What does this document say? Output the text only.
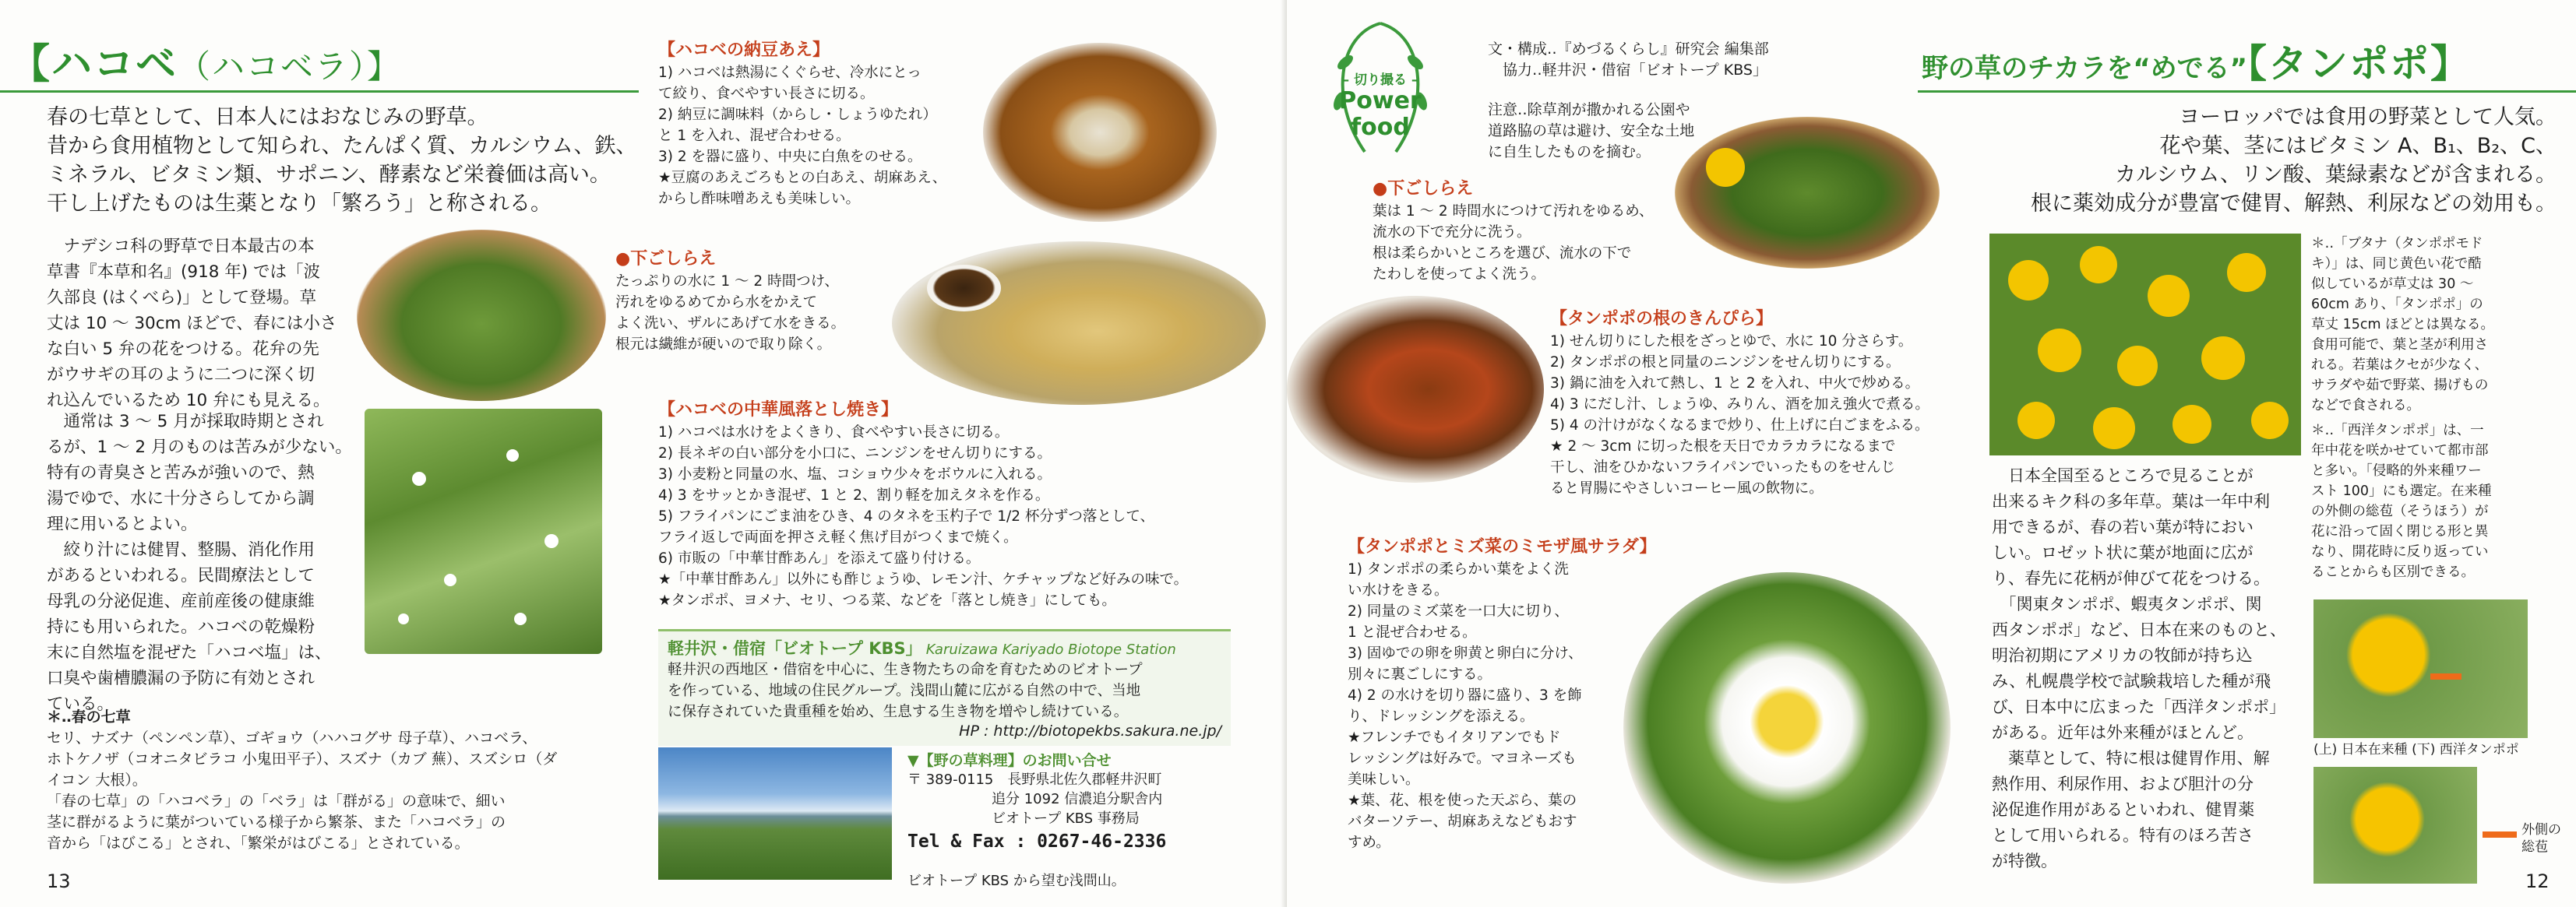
【ハコベ（ハコベラ）】
春の七草として、日本人にはおなじみの野草。
昔から食用植物として知られ、たんぱく質、カルシウム、鉄、
ミネラル、ビタミン類、サポニン、酵素など栄養価は高い。
干し上げたものは生薬となり「繁ろう」と称される。
　ナデシコ科の野草で日本最古の本
草書『本草和名』(918 年) では「波
久部良 (はくべら)」として登場。草
丈は 10 〜 30cm ほどで、春には小さ
な白い 5 弁の花をつける。花弁の先
がウサギの耳のように二つに深く切
れ込んでいるため 10 弁にも見える。
　通常は 3 〜 5 月が採取時期とされ
るが、1 〜 2 月のものは苦みが少ない。
特有の青臭さと苦みが強いので、熱
湯でゆで、水に十分さらしてから調
理に用いるとよい。
　絞り汁には健胃、整腸、消化作用
があるといわれる。民間療法として
母乳の分泌促進、産前産後の健康維
持にも用いられた。ハコベの乾燥粉
末に自然塩を混ぜた「ハコベ塩」は、
口臭や歯槽膿漏の予防に有効とされ
ている。
＊‥春の七草
セリ、ナズナ（ペンペン草）、ゴギョウ（ハハコグサ 母子草）、ハコベラ、
ホトケノザ（コオニタビラコ 小鬼田平子）、スズナ（カブ 蕪）、スズシロ（ダ
イコン 大根）。
「春の七草」の「ハコベラ」の「ベラ」は「群がる」の意味で、細い
茎に群がるように葉がついている様子から繁茶、また「ハコベラ」の
音から「はびこる」とされ、「繁栄がはびこる」とされている。
13
【ハコベの納豆あえ】
1) ハコベは熱湯にくぐらせ、冷水にとっ
て絞り、食べやすい長さに切る。
2) 納豆に調味料（からし・しょうゆたれ）
と 1 を入れ、混ぜ合わせる。
3) 2 を器に盛り、中央に白魚をのせる。
★豆腐のあえごろもとの白あえ、胡麻あえ、
からし酢味噌あえも美味しい。
●下ごしらえ
たっぷりの水に 1 〜 2 時間つけ、
汚れをゆるめてから水をかえて
よく洗い、ザルにあげて水をきる。
根元は繊維が硬いので取り除く。
【ハコベの中華風落とし焼き】
1) ハコベは水けをよくきり、食べやすい長さに切る。
2) 長ネギの白い部分を小口に、ニンジンをせん切りにする。
3) 小麦粉と同量の水、塩、コショウ少々をボウルに入れる。
4) 3 をサッとかき混ぜ、1 と 2、割り軽を加えタネを作る。
5) フライパンにごま油をひき、4 のタネを玉杓子で 1/2 杯分ずつ落として、
フライ返しで両面を押さえ軽く焦げ目がつくまで焼く。
6) 市販の「中華甘酢あん」を添えて盛り付ける。
★「中華甘酢あん」以外にも酢じょうゆ、レモン汁、ケチャップなど好みの味で。
★タンポポ、ヨメナ、セリ、つる菜、などを「落とし焼き」にしても。
軽井沢・借宿「ビオトープ KBS」 Karuizawa Kariyado Biotope Station
軽井沢の西地区・借宿を中心に、生き物たちの命を育むためのビオトープ
を作っている、地域の住民グループ。浅間山麓に広がる自然の中で、当地
に保存されていた貴重種を始め、生息する生き物を増やし続けている。
HP : http://biotopekbs.sakura.ne.jp/
▼【野の草料理】のお問い合せ
〒 389-0115　長野県北佐久郡軽井沢町
　　　　　　追分 1092 信濃追分駅舎内
　　　　　　ビオトープ KBS 事務局
Tel & Fax : 0267-46-2336
ビオトープ KBS から望む浅間山。
– 切り撮る –
Power
food
文・構成‥『めづるくらし』研究会 編集部
　協力‥軽井沢・借宿「ビオトープ KBS」
注意‥除草剤が撒かれる公園や
道路脇の草は避け、安全な土地
に自生したものを摘む。
野の草のチカラを“めでる”【タンポポ】
ヨーロッパでは食用の野菜として人気。
花や葉、茎にはビタミン A、B₁、B₂、C、
カルシウム、リン酸、葉緑素などが含まれる。
根に薬効成分が豊富で健胃、解熱、利尿などの効用も。
●下ごしらえ
葉は 1 〜 2 時間水につけて汚れをゆるめ、
流水の下で充分に洗う。
根は柔らかいところを選び、流水の下で
たわしを使ってよく洗う。
【タンポポの根のきんぴら】
1) せん切りにした根をざっとゆで、水に 10 分さらす。
2) タンポポの根と同量のニンジンをせん切りにする。
3) 鍋に油を入れて熱し、1 と 2 を入れ、中火で炒める。
4) 3 にだし汁、しょうゆ、みりん、酒を加え強火で煮る。
5) 4 の汁けがなくなるまで炒り、仕上げに白ごまをふる。
★ 2 〜 3cm に切った根を天日でカラカラになるまで
干し、油をひかないフライパンでいったものをせんじ
ると胃腸にやさしいコーヒー風の飲物に。
【タンポポとミズ菜のミモザ風サラダ】
1) タンポポの柔らかい葉をよく洗
い水けをきる。
2) 同量のミズ菜を一口大に切り、
1 と混ぜ合わせる。
3) 固ゆでの卵を卵黄と卵白に分け、
別々に裏ごしにする。
4) 2 の水けを切り器に盛り、3 を飾
り、ドレッシングを添える。
★フレンチでもイタリアンでもド
レッシングは好みで。マヨネーズも
美味しい。
★葉、花、根を使った天ぷら、葉の
バターソテー、胡麻あえなどもおす
すめ。
　日本全国至るところで見ることが
出来るキク科の多年草。葉は一年中利
用できるが、春の若い葉が特におい
しい。ロゼット状に葉が地面に広が
り、春先に花柄が伸びて花をつける。
　「関東タンポポ、蝦夷タンポポ、関
西タンポポ」など、日本在来のものと、
明治初期にアメリカの牧師が持ち込
み、札幌農学校で試験栽培した種が飛
び、日本中に広まった「西洋タンポポ」
がある。近年は外来種がほとんど。
　薬草として、特に根は健胃作用、解
熱作用、利尿作用、および胆汁の分
泌促進作用があるといわれ、健胃薬
として用いられる。特有のほろ苦さ
が特徴。
＊‥「ブタナ（タンポポモド
キ）」は、同じ黄色い花で酷
似しているが草丈は 30 〜
60cm あり、「タンポポ」の
草丈 15cm ほどとは異なる。
食用可能で、葉と茎が利用さ
れる。若葉はクセが少なく、
サラダや茹で野菜、揚げもの
などで食される。
＊‥「西洋タンポポ」は、一
年中花を咲かせていて都市部
と多い。「侵略的外来種ワー
スト 100」にも選定。在来種
の外側の総苞（そうほう）が
花に沿って固く閉じる形と異
なり、開花時に反り返ってい
ることからも区別できる。
(上) 日本在来種 (下) 西洋タンポポ
外側の
総苞
12
